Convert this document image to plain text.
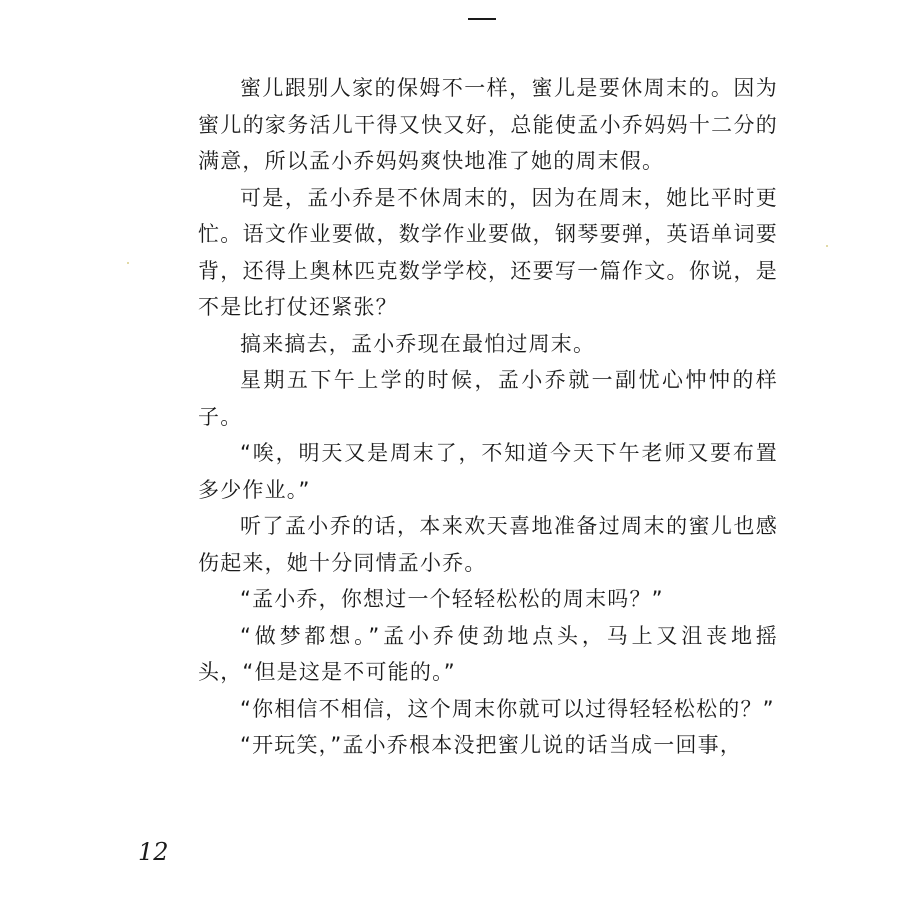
蜜儿跟别人家的保姆不一样，蜜儿是要休周末的。因为蜜儿的家务活儿干得又快又好，总能使孟小乔妈妈十二分的满意，所以孟小乔妈妈爽快地准了她的周末假。

可是，孟小乔是不休周末的，因为在周末，她比平时更忙。语文作业要做，数学作业要做，钢琴要弹，英语单词要背，还得上奥林匹克数学学校，还要写一篇作文。你说，是不是比打仗还紧张？

搞来搞去，孟小乔现在最怕过周末。

星期五下午上学的时候，孟小乔就一副忧心忡忡的样子。

“唉，明天又是周末了，不知道今天下午老师又要布置多少作业。”

听了孟小乔的话，本来欢天喜地准备过周末的蜜儿也感伤起来，她十分同情孟小乔。

“孟小乔，你想过一个轻轻松松的周末吗？”

“做梦都想。”孟小乔使劲地点头，马上又沮丧地摇头，“但是这是不可能的。”

“你相信不相信，这个周末你就可以过得轻轻松松的？”

“开玩笑，”孟小乔根本没把蜜儿说的话当成一回事，

12
